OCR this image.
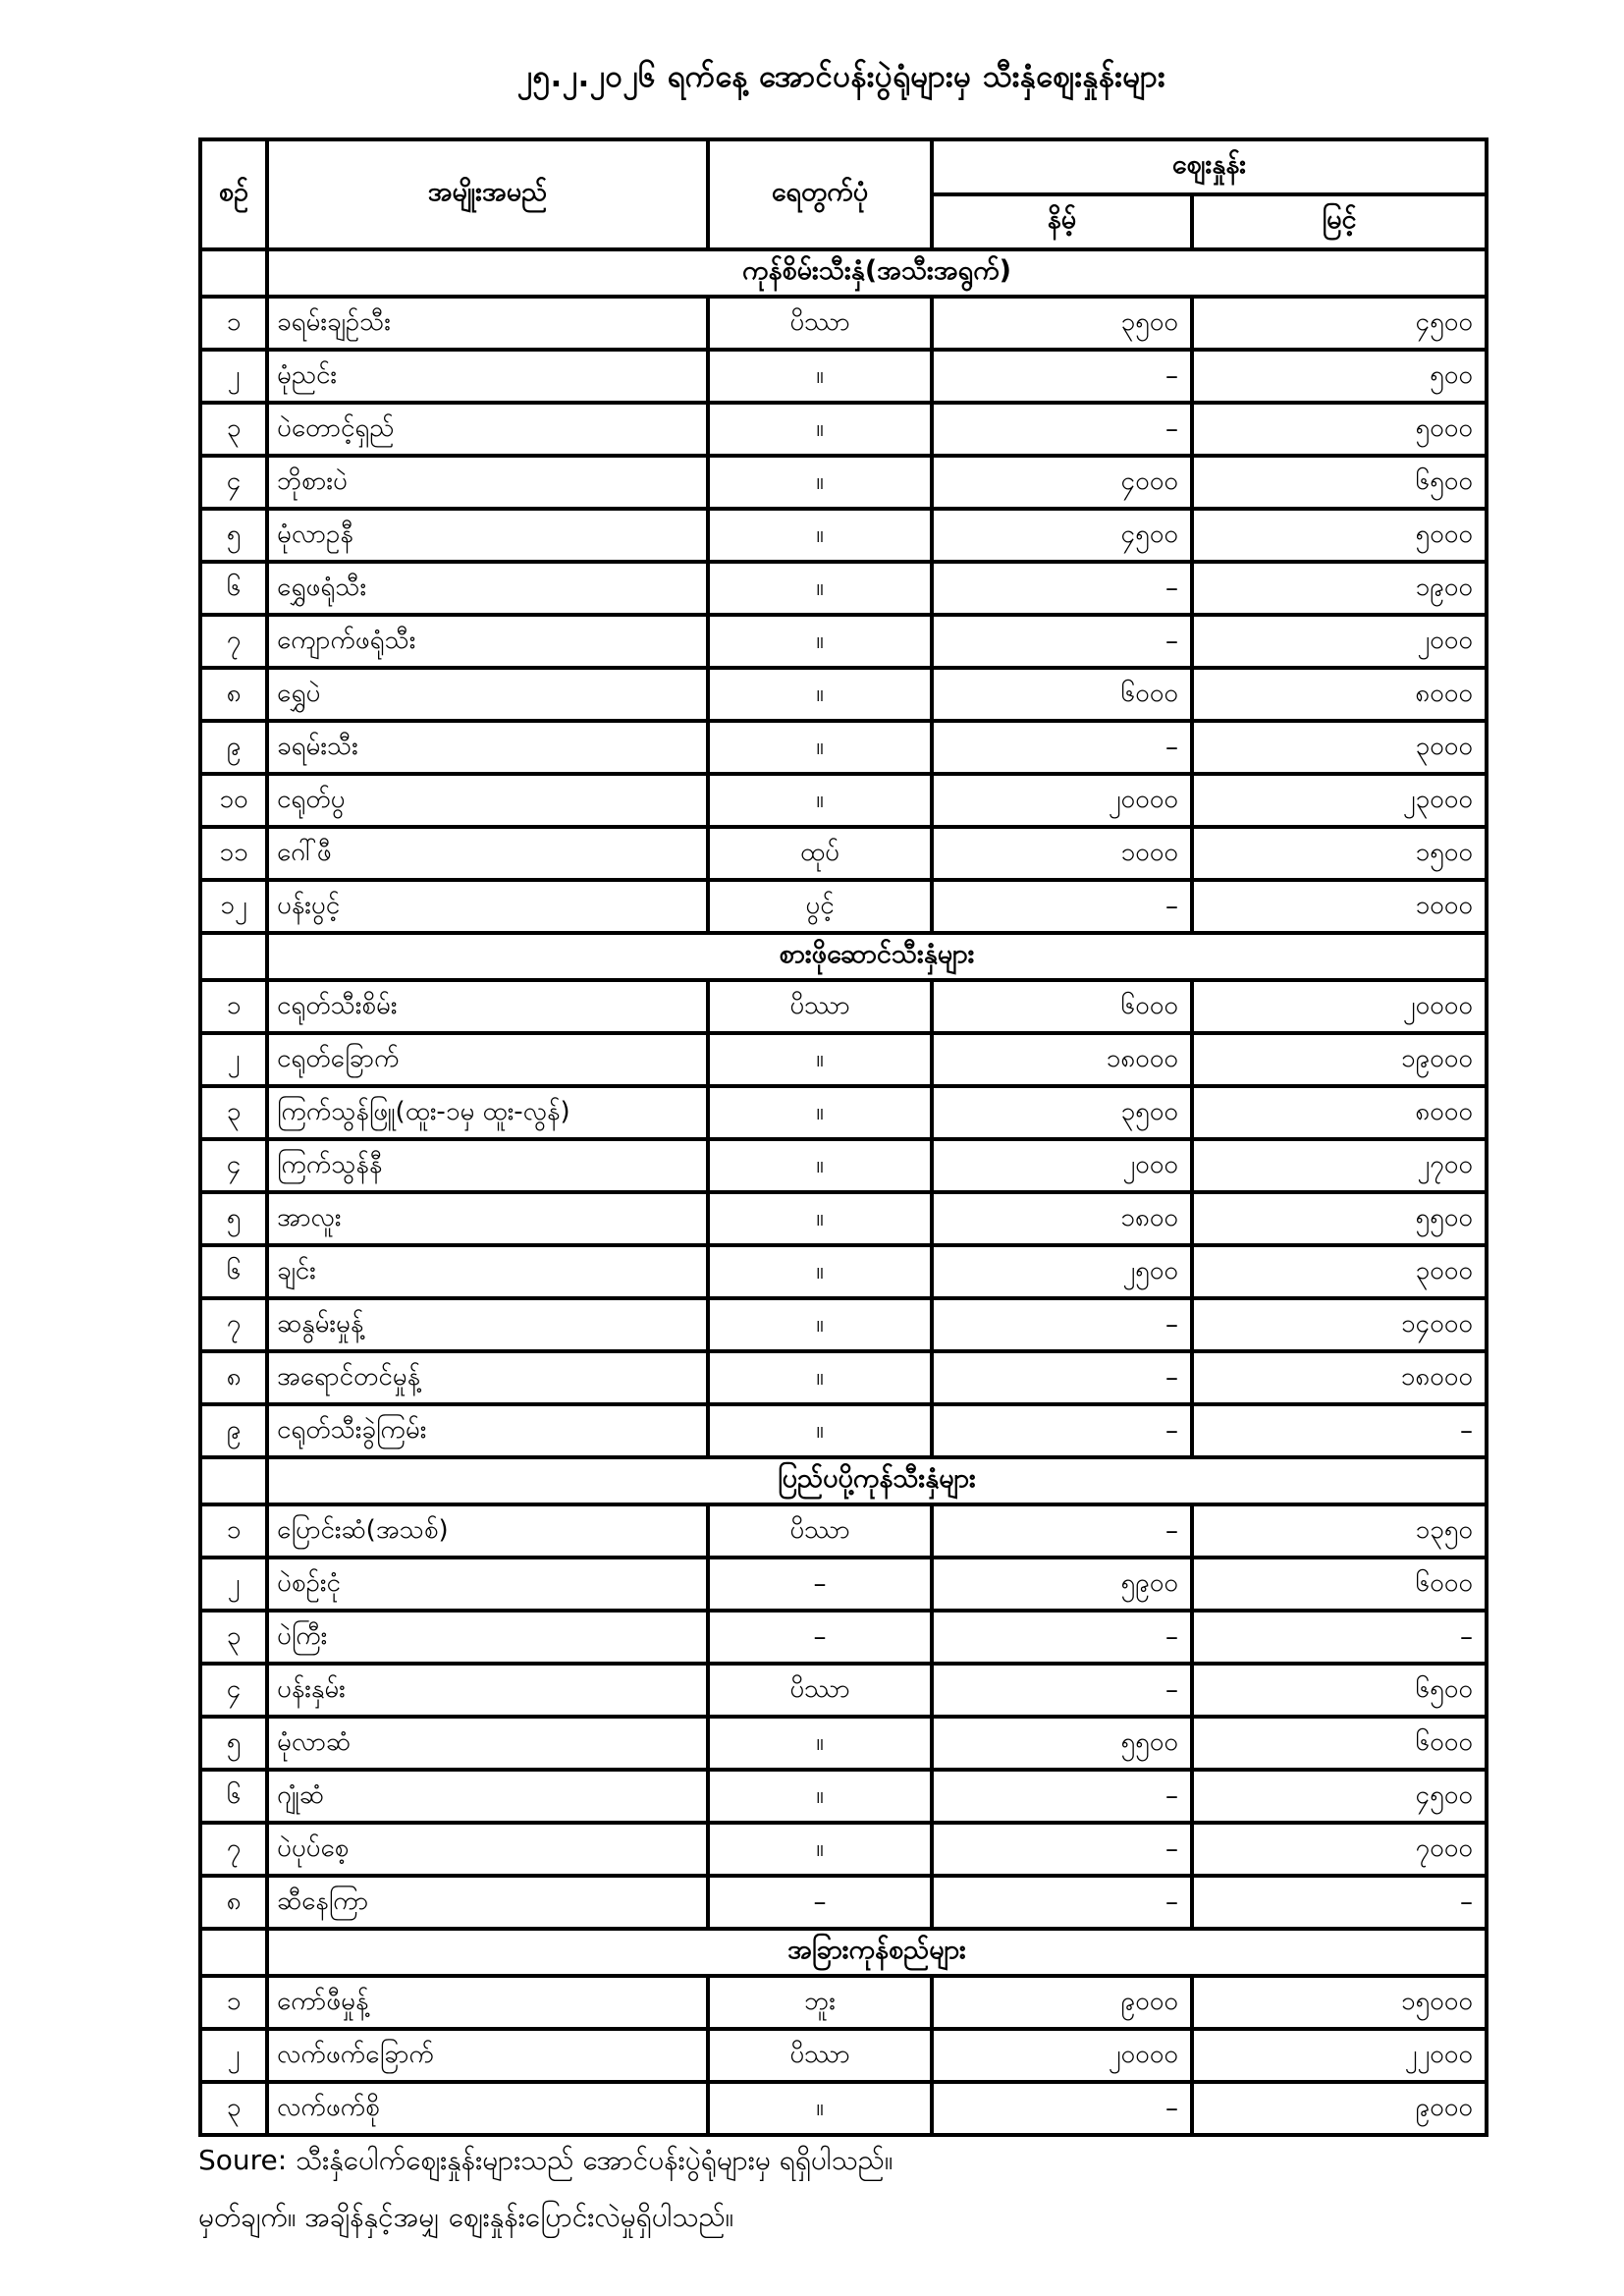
၂၅.၂.၂၀၂၆ ရက်နေ့ အောင်ပန်းပွဲရုံများမှ သီးနှံဈေးနှုန်းများ
စဉ်	အမျိုးအမည်	ရေတွက်ပုံ	ဈေးနှုန်း	
			နိမ့်	မြင့်
	ကုန်စိမ်းသီးနှံ(အသီးအရွက်)			
၁	ခရမ်းချဉ်သီး	ပိဿာ	၃၅၀၀	၄၅၀၀
၂	မုံညင်း	။	–	၅၀၀
၃	ပဲတောင့်ရှည်	။	–	၅၀၀၀
၄	ဘိုစားပဲ	။	၄၀၀၀	၆၅၀၀
၅	မုံလာဥနီ	။	၄၅၀၀	၅၀၀၀
၆	ရွှေဖရုံသီး	။	–	၁၉၀၀
၇	ကျောက်ဖရုံသီး	။	–	၂၀၀၀
၈	ရွှေပဲ	။	၆၀၀၀	၈၀၀၀
၉	ခရမ်းသီး	။	–	၃၀၀၀
၁၀	ငရုတ်ပွ	။	၂၀၀၀၀	၂၃၀၀၀
၁၁	ဂေါ်ဖီ	ထုပ်	၁၀၀၀	၁၅၀၀
၁၂	ပန်းပွင့်	ပွင့်	–	၁၀၀၀
	စားဖိုဆောင်သီးနှံများ			
၁	ငရုတ်သီးစိမ်း	ပိဿာ	၆၀၀၀	၂၀၀၀၀
၂	ငရုတ်ခြောက်	။	၁၈၀၀၀	၁၉၀၀၀
၃	ကြက်သွန်ဖြူ(ထူး-၁မှ ထူး-လွန်)	။	၃၅၀၀	၈၀၀၀
၄	ကြက်သွန်နီ	။	၂၀၀၀	၂၇၀၀
၅	အာလူး	။	၁၈၀၀	၅၅၀၀
၆	ချင်း	။	၂၅၀၀	၃၀၀၀
၇	ဆနွမ်းမှုန့်	။	–	၁၄၀၀၀
၈	အရောင်တင်မှုန့်	။	–	၁၈၀၀၀
၉	ငရုတ်သီးခွဲကြမ်း	။	–	–
	ပြည်ပပို့ကုန်သီးနှံများ			
၁	ပြောင်းဆံ(အသစ်)	ပိဿာ	–	၁၃၅၀
၂	ပဲစဉ်းငုံ	–	၅၉၀၀	၆၀၀၀
၃	ပဲကြီး	–	–	–
၄	ပန်းနှမ်း	ပိဿာ	–	၆၅၀၀
၅	မုံလာဆံ	။	၅၅၀၀	၆၀၀၀
၆	ဂျုံဆံ	။	–	၄၅၀၀
၇	ပဲပုပ်စေ့	။	–	၇၀၀၀
၈	ဆီနေကြာ	–	–	–
	အခြားကုန်စည်များ			
၁	ကော်ဖီမှုန့်	ဘူး	၉၀၀၀	၁၅၀၀၀
၂	လက်ဖက်ခြောက်	ပိဿာ	၂၀၀၀၀	၂၂၀၀၀
၃	လက်ဖက်စို	။	–	၉၀၀၀

Soure: သီးနှံပေါက်ဈေးနှုန်းများသည် အောင်ပန်းပွဲရုံများမှ ရရှိပါသည်။

မှတ်ချက်။ အချိန်နှင့်အမျှ ဈေးနှုန်းပြောင်းလဲမှုရှိပါသည်။
